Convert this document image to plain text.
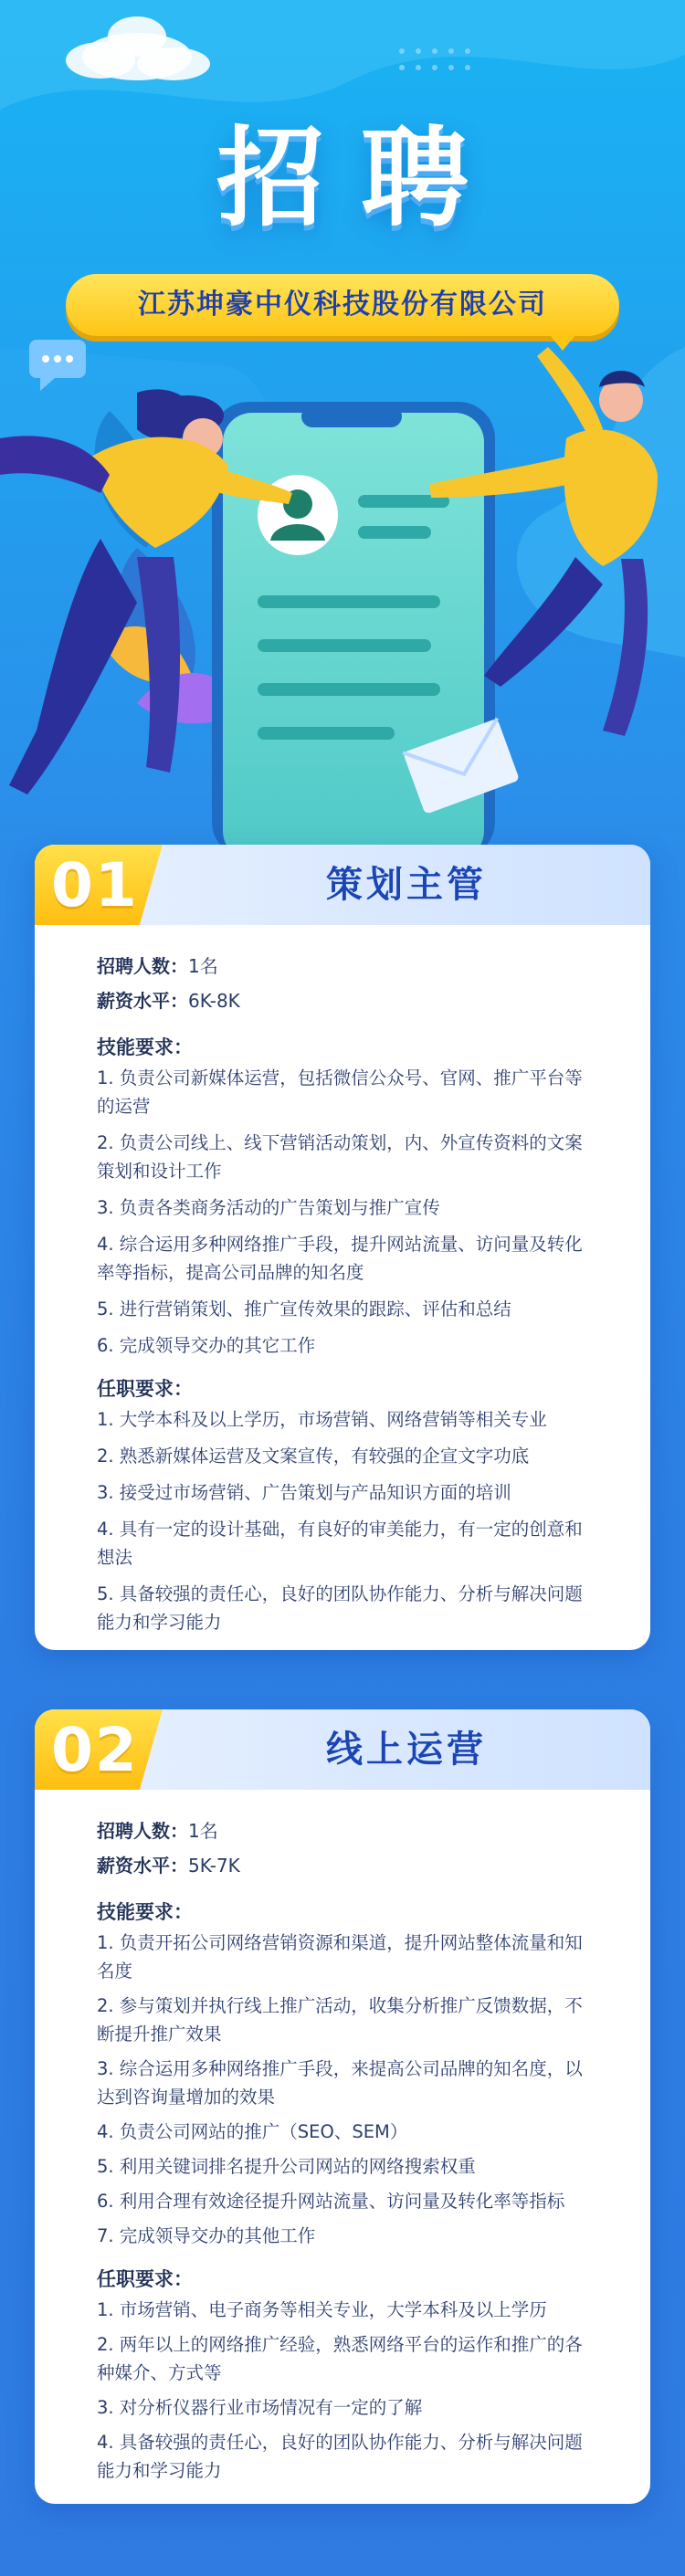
招聘
江苏坤豪中仪科技股份有限公司
01	策划主管
招聘人数：1名
薪资水平：6K-8K
技能要求：
1. 负责公司新媒体运营，包括微信公众号、官网、推广平台等的运营
2. 负责公司线上、线下营销活动策划，内、外宣传资料的文案策划和设计工作
3. 负责各类商务活动的广告策划与推广宣传
4. 综合运用多种网络推广手段，提升网站流量、访问量及转化率等指标，提高公司品牌的知名度
5. 进行营销策划、推广宣传效果的跟踪、评估和总结
6. 完成领导交办的其它工作
任职要求：
1. 大学本科及以上学历，市场营销、网络营销等相关专业
2. 熟悉新媒体运营及文案宣传，有较强的企宣文字功底
3. 接受过市场营销、广告策划与产品知识方面的培训
4. 具有一定的设计基础，有良好的审美能力，有一定的创意和想法
5. 具备较强的责任心，良好的团队协作能力、分析与解决问题能力和学习能力
02	线上运营
招聘人数：1名
薪资水平：5K-7K
技能要求：
1. 负责开拓公司网络营销资源和渠道，提升网站整体流量和知名度
2. 参与策划并执行线上推广活动，收集分析推广反馈数据，不断提升推广效果
3. 综合运用多种网络推广手段，来提高公司品牌的知名度，以达到咨询量增加的效果
4. 负责公司网站的推广（SEO、SEM）
5. 利用关键词排名提升公司网站的网络搜索权重
6. 利用合理有效途径提升网站流量、访问量及转化率等指标
7. 完成领导交办的其他工作
任职要求：
1. 市场营销、电子商务等相关专业，大学本科及以上学历
2. 两年以上的网络推广经验，熟悉网络平台的运作和推广的各种媒介、方式等
3. 对分析仪器行业市场情况有一定的了解
4. 具备较强的责任心，良好的团队协作能力、分析与解决问题能力和学习能力
